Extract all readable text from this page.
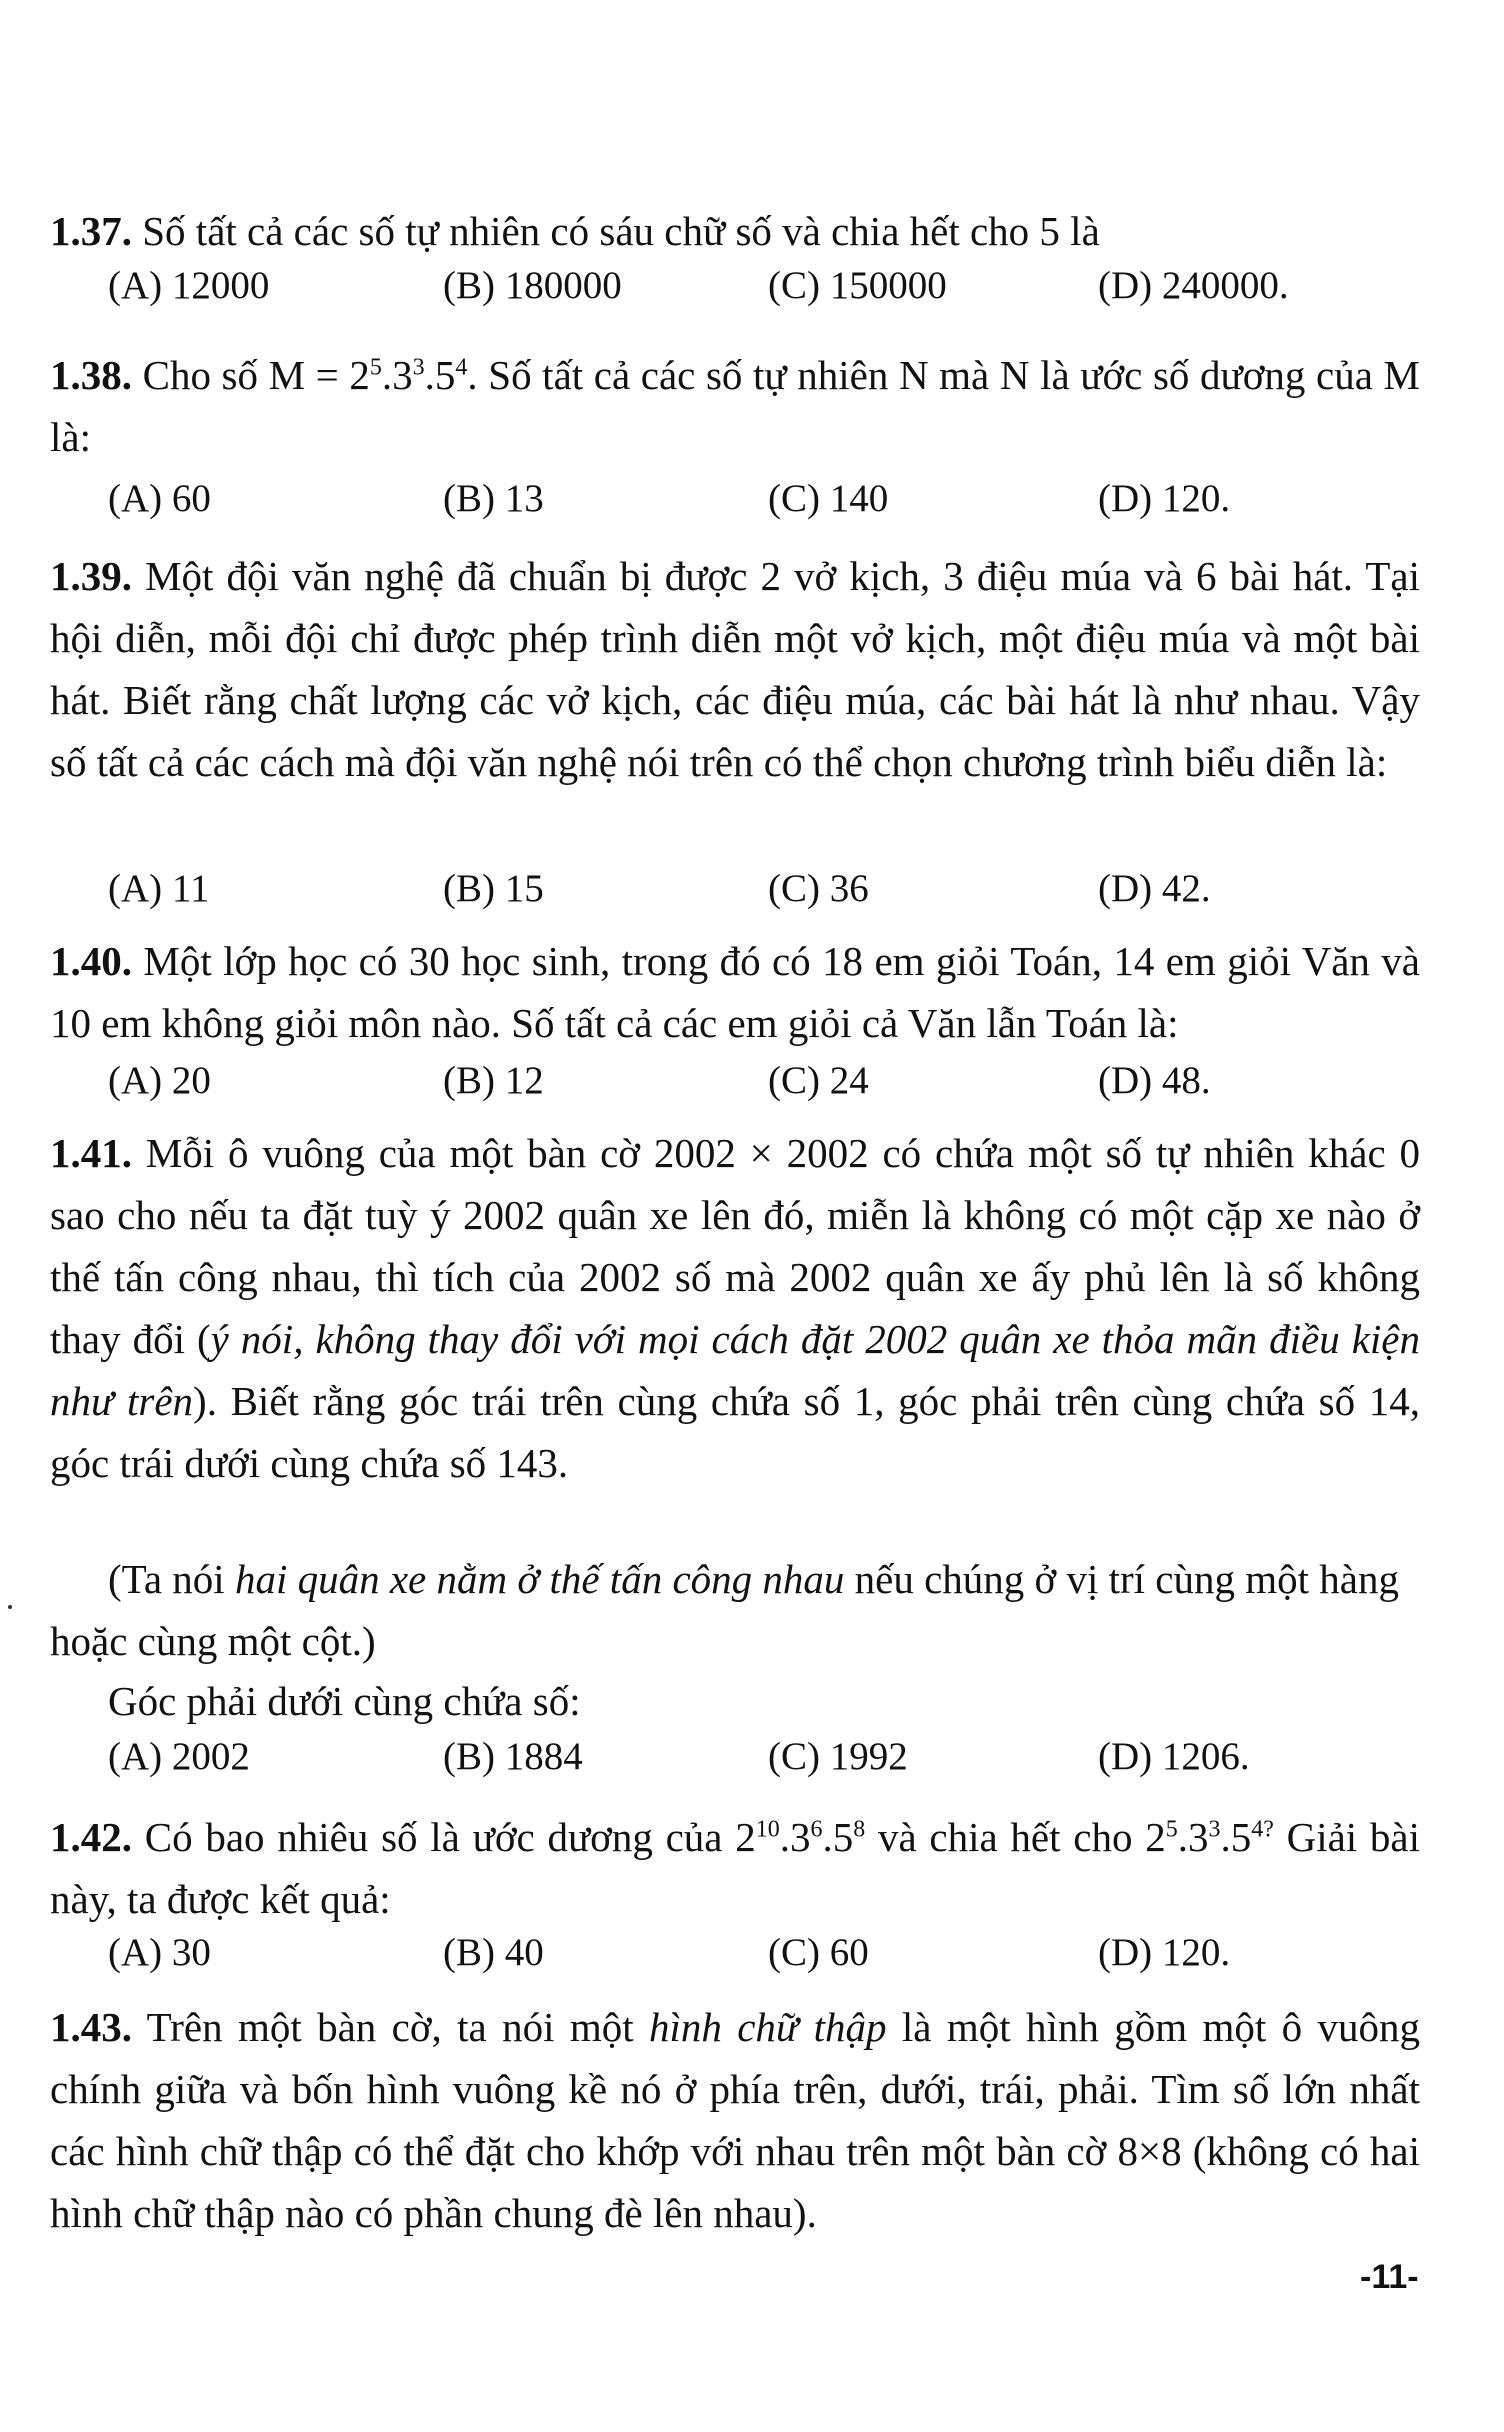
1.37. Số tất cả các số tự nhiên có sáu chữ số và chia hết cho 5 là
(A) 12000	(B) 180000	(C) 150000	(D) 240000.
1.38. Cho số $M = 2^5.3^3.5^4$. Số tất cả các số tự nhiên N mà N là ước số dương của M là:
(A) 60	(B) 13	(C) 140	(D) 120.
1.39. Một đội văn nghệ đã chuẩn bị được 2 vở kịch, 3 điệu múa và 6 bài hát. Tại hội diễn, mỗi đội chỉ được phép trình diễn một vở kịch, một điệu múa và một bài hát. Biết rằng chất lượng các vở kịch, các điệu múa, các bài hát là như nhau. Vậy số tất cả các cách mà đội văn nghệ nói trên có thể chọn chương trình biểu diễn là:
(A) 11	(B) 15	(C) 36	(D) 42.
1.40. Một lớp học có 30 học sinh, trong đó có 18 em giỏi Toán, 14 em giỏi Văn và 10 em không giỏi môn nào. Số tất cả các em giỏi cả Văn lẫn Toán là:
(A) 20	(B) 12	(C) 24	(D) 48.
1.41. Mỗi ô vuông của một bàn cờ 2002 × 2002 có chứa một số tự nhiên khác 0 sao cho nếu ta đặt tuỳ ý 2002 quân xe lên đó, miễn là không có một cặp xe nào ở thế tấn công nhau, thì tích của 2002 số mà 2002 quân xe ấy phủ lên là số không thay đổi (ý nói, không thay đổi với mọi cách đặt 2002 quân xe thỏa mãn điều kiện như trên). Biết rằng góc trái trên cùng chứa số 1, góc phải trên cùng chứa số 14, góc trái dưới cùng chứa số 143.
(Ta nói hai quân xe nằm ở thế tấn công nhau nếu chúng ở vị trí cùng một hàng hoặc cùng một cột.)
Góc phải dưới cùng chứa số:
(A) 2002	(B) 1884	(C) 1992	(D) 1206.
1.42. Có bao nhiêu số là ước dương của $2^{10}.3^6.5^8$ và chia hết cho $2^5.3^3.5^{4?}$ Giải bài này, ta được kết quả:
(A) 30	(B) 40	(C) 60	(D) 120.
1.43. Trên một bàn cờ, ta nói một hình chữ thập là một hình gồm một ô vuông chính giữa và bốn hình vuông kề nó ở phía trên, dưới, trái, phải. Tìm số lớn nhất các hình chữ thập có thể đặt cho khớp với nhau trên một bàn cờ 8×8 (không có hai hình chữ thập nào có phần chung đè lên nhau).
-11-
